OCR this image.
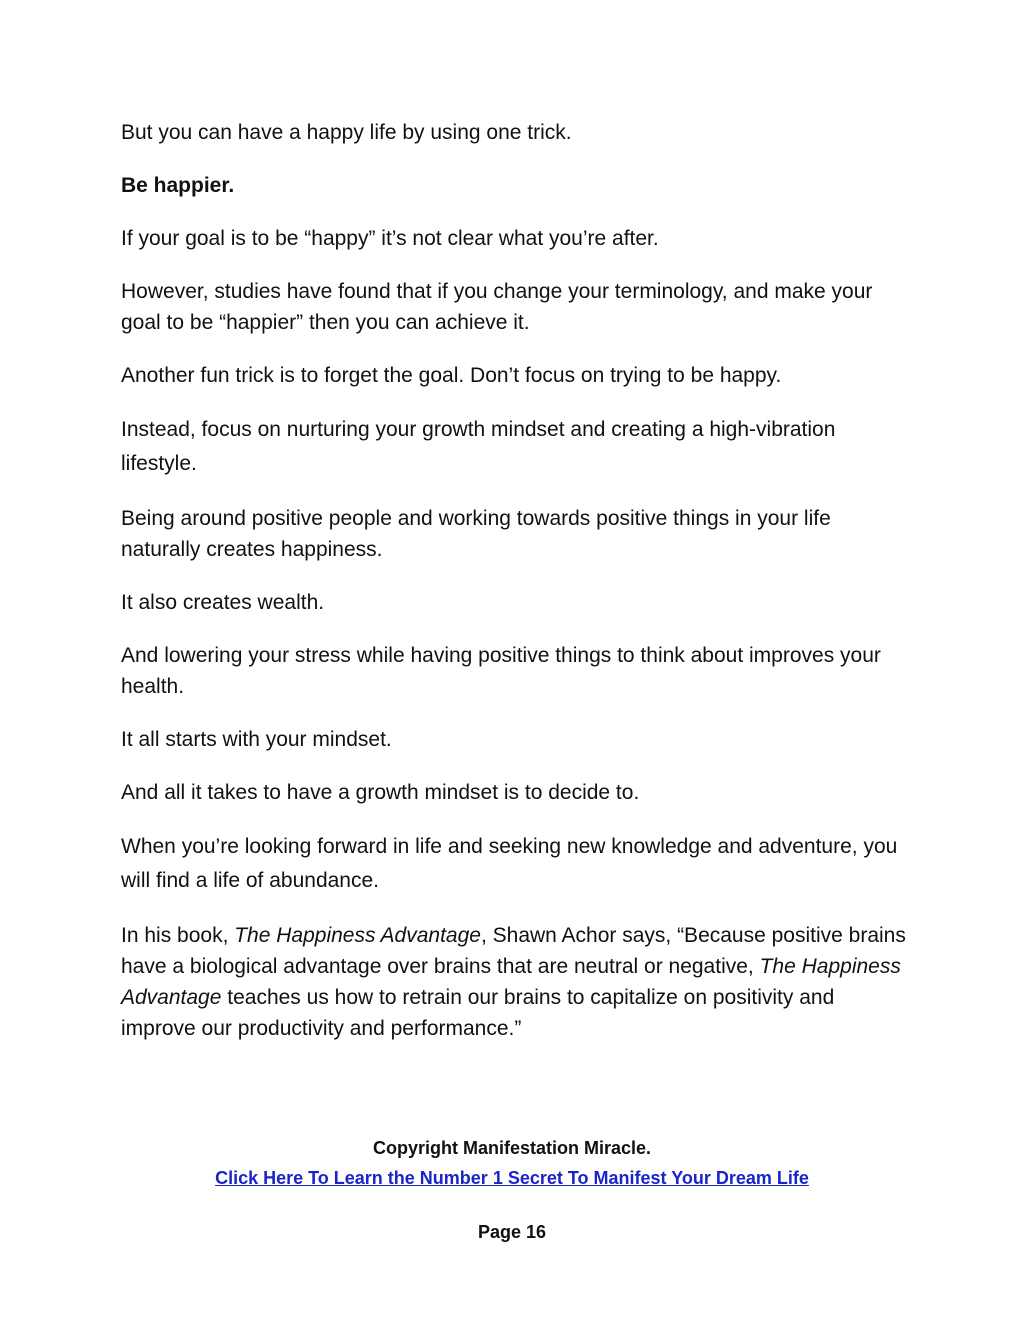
But you can have a happy life by using one trick.

Be happier.

If your goal is to be “happy” it’s not clear what you’re after.

However, studies have found that if you change your terminology, and make your goal to be “happier” then you can achieve it.

Another fun trick is to forget the goal. Don’t focus on trying to be happy.

Instead, focus on nurturing your growth mindset and creating a high-vibration lifestyle.

Being around positive people and working towards positive things in your life naturally creates happiness.

It also creates wealth.

And lowering your stress while having positive things to think about improves your health.

It all starts with your mindset.

And all it takes to have a growth mindset is to decide to.

When you’re looking forward in life and seeking new knowledge and adventure, you will find a life of abundance.

In his book, The Happiness Advantage, Shawn Achor says, “Because positive brains have a biological advantage over brains that are neutral or negative, The Happiness Advantage teaches us how to retrain our brains to capitalize on positivity and improve our productivity and performance.”

Copyright Manifestation Miracle.
Click Here To Learn the Number 1 Secret To Manifest Your Dream Life
Page 16
